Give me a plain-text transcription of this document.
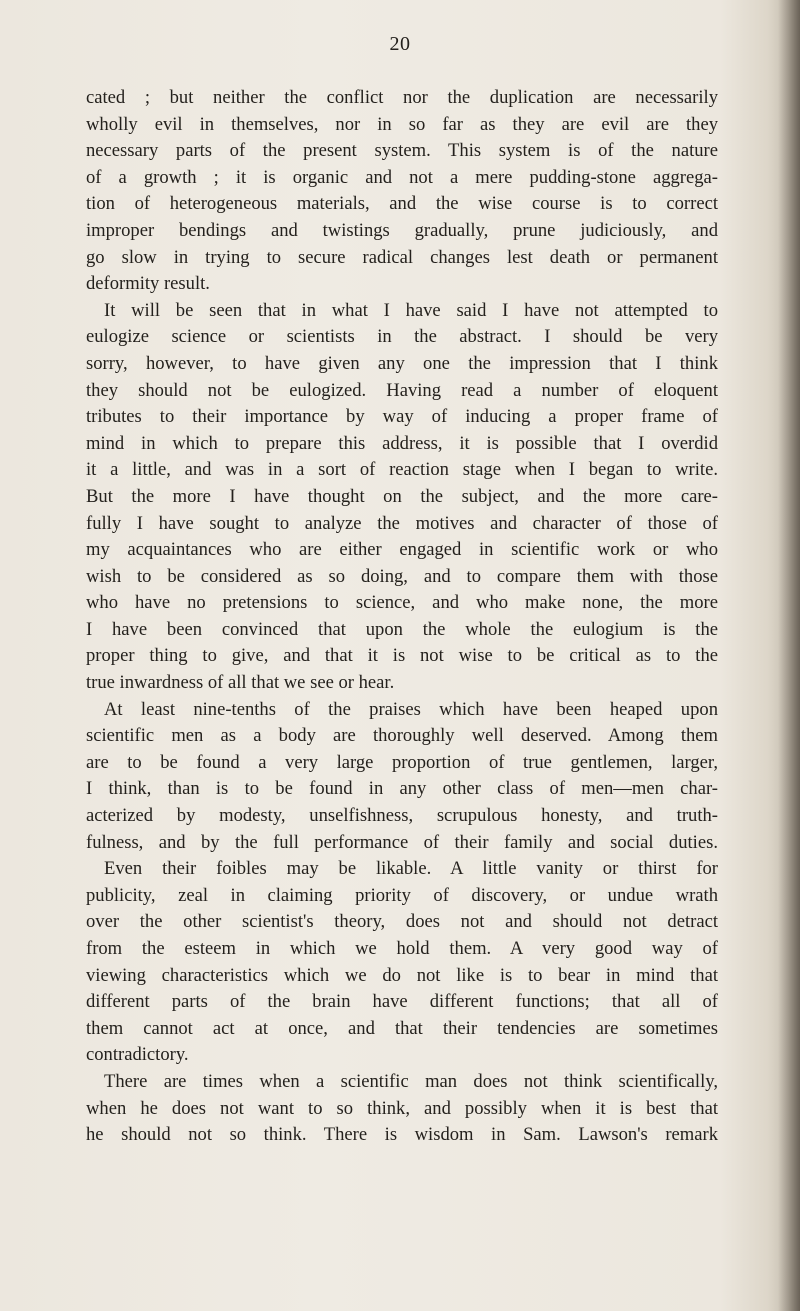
20
cated ; but neither the conflict nor the duplication are necessarily
wholly evil in themselves, nor in so far as they are evil are they
necessary parts of the present system. This system is of the nature
of a growth ; it is organic and not a mere pudding-stone aggrega-
tion of heterogeneous materials, and the wise course is to correct
improper bendings and twistings gradually, prune judiciously, and
go slow in trying to secure radical changes lest death or permanent
deformity result.
It will be seen that in what I have said I have not attempted to
eulogize science or scientists in the abstract. I should be very
sorry, however, to have given any one the impression that I think
they should not be eulogized. Having read a number of eloquent
tributes to their importance by way of inducing a proper frame of
mind in which to prepare this address, it is possible that I overdid
it a little, and was in a sort of reaction stage when I began to write.
But the more I have thought on the subject, and the more care-
fully I have sought to analyze the motives and character of those of
my acquaintances who are either engaged in scientific work or who
wish to be considered as so doing, and to compare them with those
who have no pretensions to science, and who make none, the more
I have been convinced that upon the whole the eulogium is the
proper thing to give, and that it is not wise to be critical as to the
true inwardness of all that we see or hear.
At least nine-tenths of the praises which have been heaped upon
scientific men as a body are thoroughly well deserved. Among them
are to be found a very large proportion of true gentlemen, larger,
I think, than is to be found in any other class of men—men char-
acterized by modesty, unselfishness, scrupulous honesty, and truth-
fulness, and by the full performance of their family and social duties.
Even their foibles may be likable. A little vanity or thirst for
publicity, zeal in claiming priority of discovery, or undue wrath
over the other scientist's theory, does not and should not detract
from the esteem in which we hold them. A very good way of
viewing characteristics which we do not like is to bear in mind that
different parts of the brain have different functions; that all of
them cannot act at once, and that their tendencies are sometimes
contradictory.
There are times when a scientific man does not think scientifically,
when he does not want to so think, and possibly when it is best that
he should not so think. There is wisdom in Sam. Lawson's remark
